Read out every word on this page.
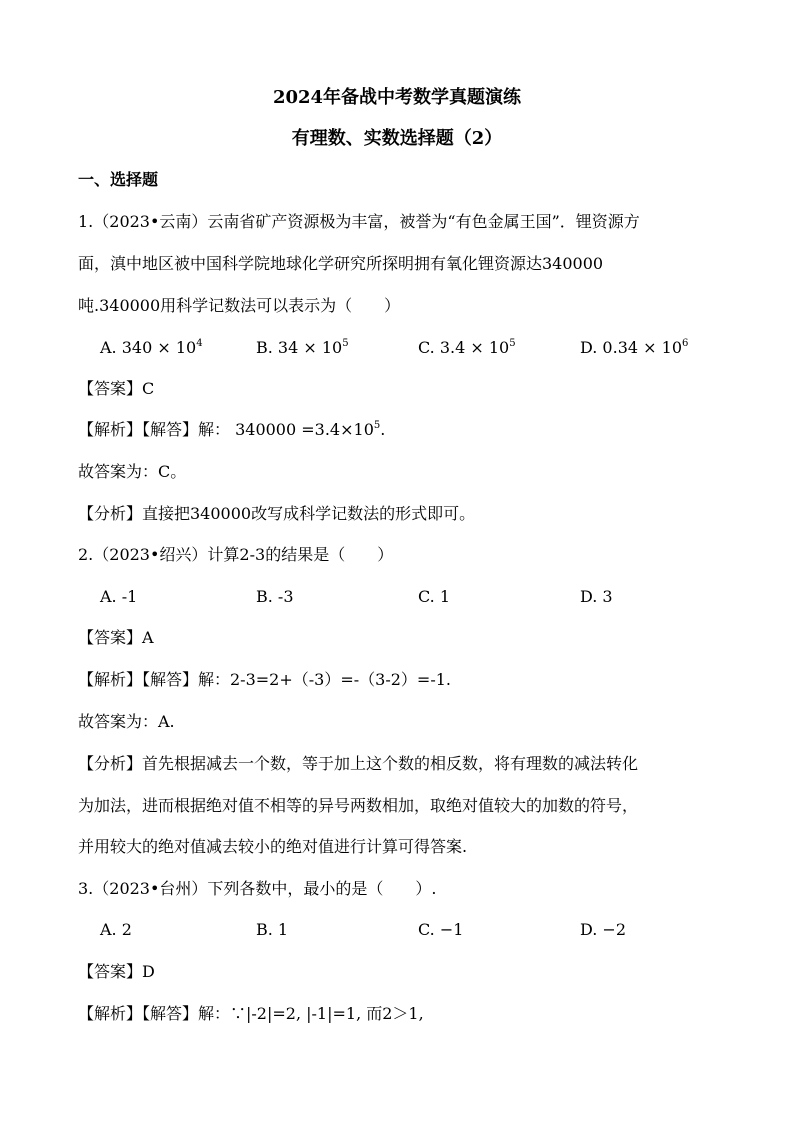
2024年备战中考数学真题演练
有理数、实数选择题（2）
一、选择题
1.（2023•云南）云南省矿产资源极为丰富，被誉为“有色金属王国”．锂资源方
面，滇中地区被中国科学院地球化学研究所探明拥有氧化锂资源达340000
吨.340000用科学记数法可以表示为（　　）
A. $340 \times 10^4$	B. $34 \times 10^5$	C. $3.4 \times 10^5$	D. $0.34 \times 10^6$
【答案】C
【解析】【解答】解： $340000 =3.4\times 10^5$.
故答案为：C。
【分析】直接把340000改写成科学记数法的形式即可。
2.（2023•绍兴）计算2-3的结果是（　　）
A. -1	B. -3	C. 1	D. 3
【答案】A
【解析】【解答】解：2-3=2+（-3）=-（3-2）=-1.
故答案为：A.
【分析】首先根据减去一个数，等于加上这个数的相反数，将有理数的减法转化
为加法，进而根据绝对值不相等的异号两数相加，取绝对值较大的加数的符号，
并用较大的绝对值减去较小的绝对值进行计算可得答案.
3.（2023•台州）下列各数中，最小的是（　　）.
A. 2	B. 1	C. −1	D. −2
【答案】D
【解析】【解答】解：∵|-2|=2, |-1|=1, 而2＞1,
